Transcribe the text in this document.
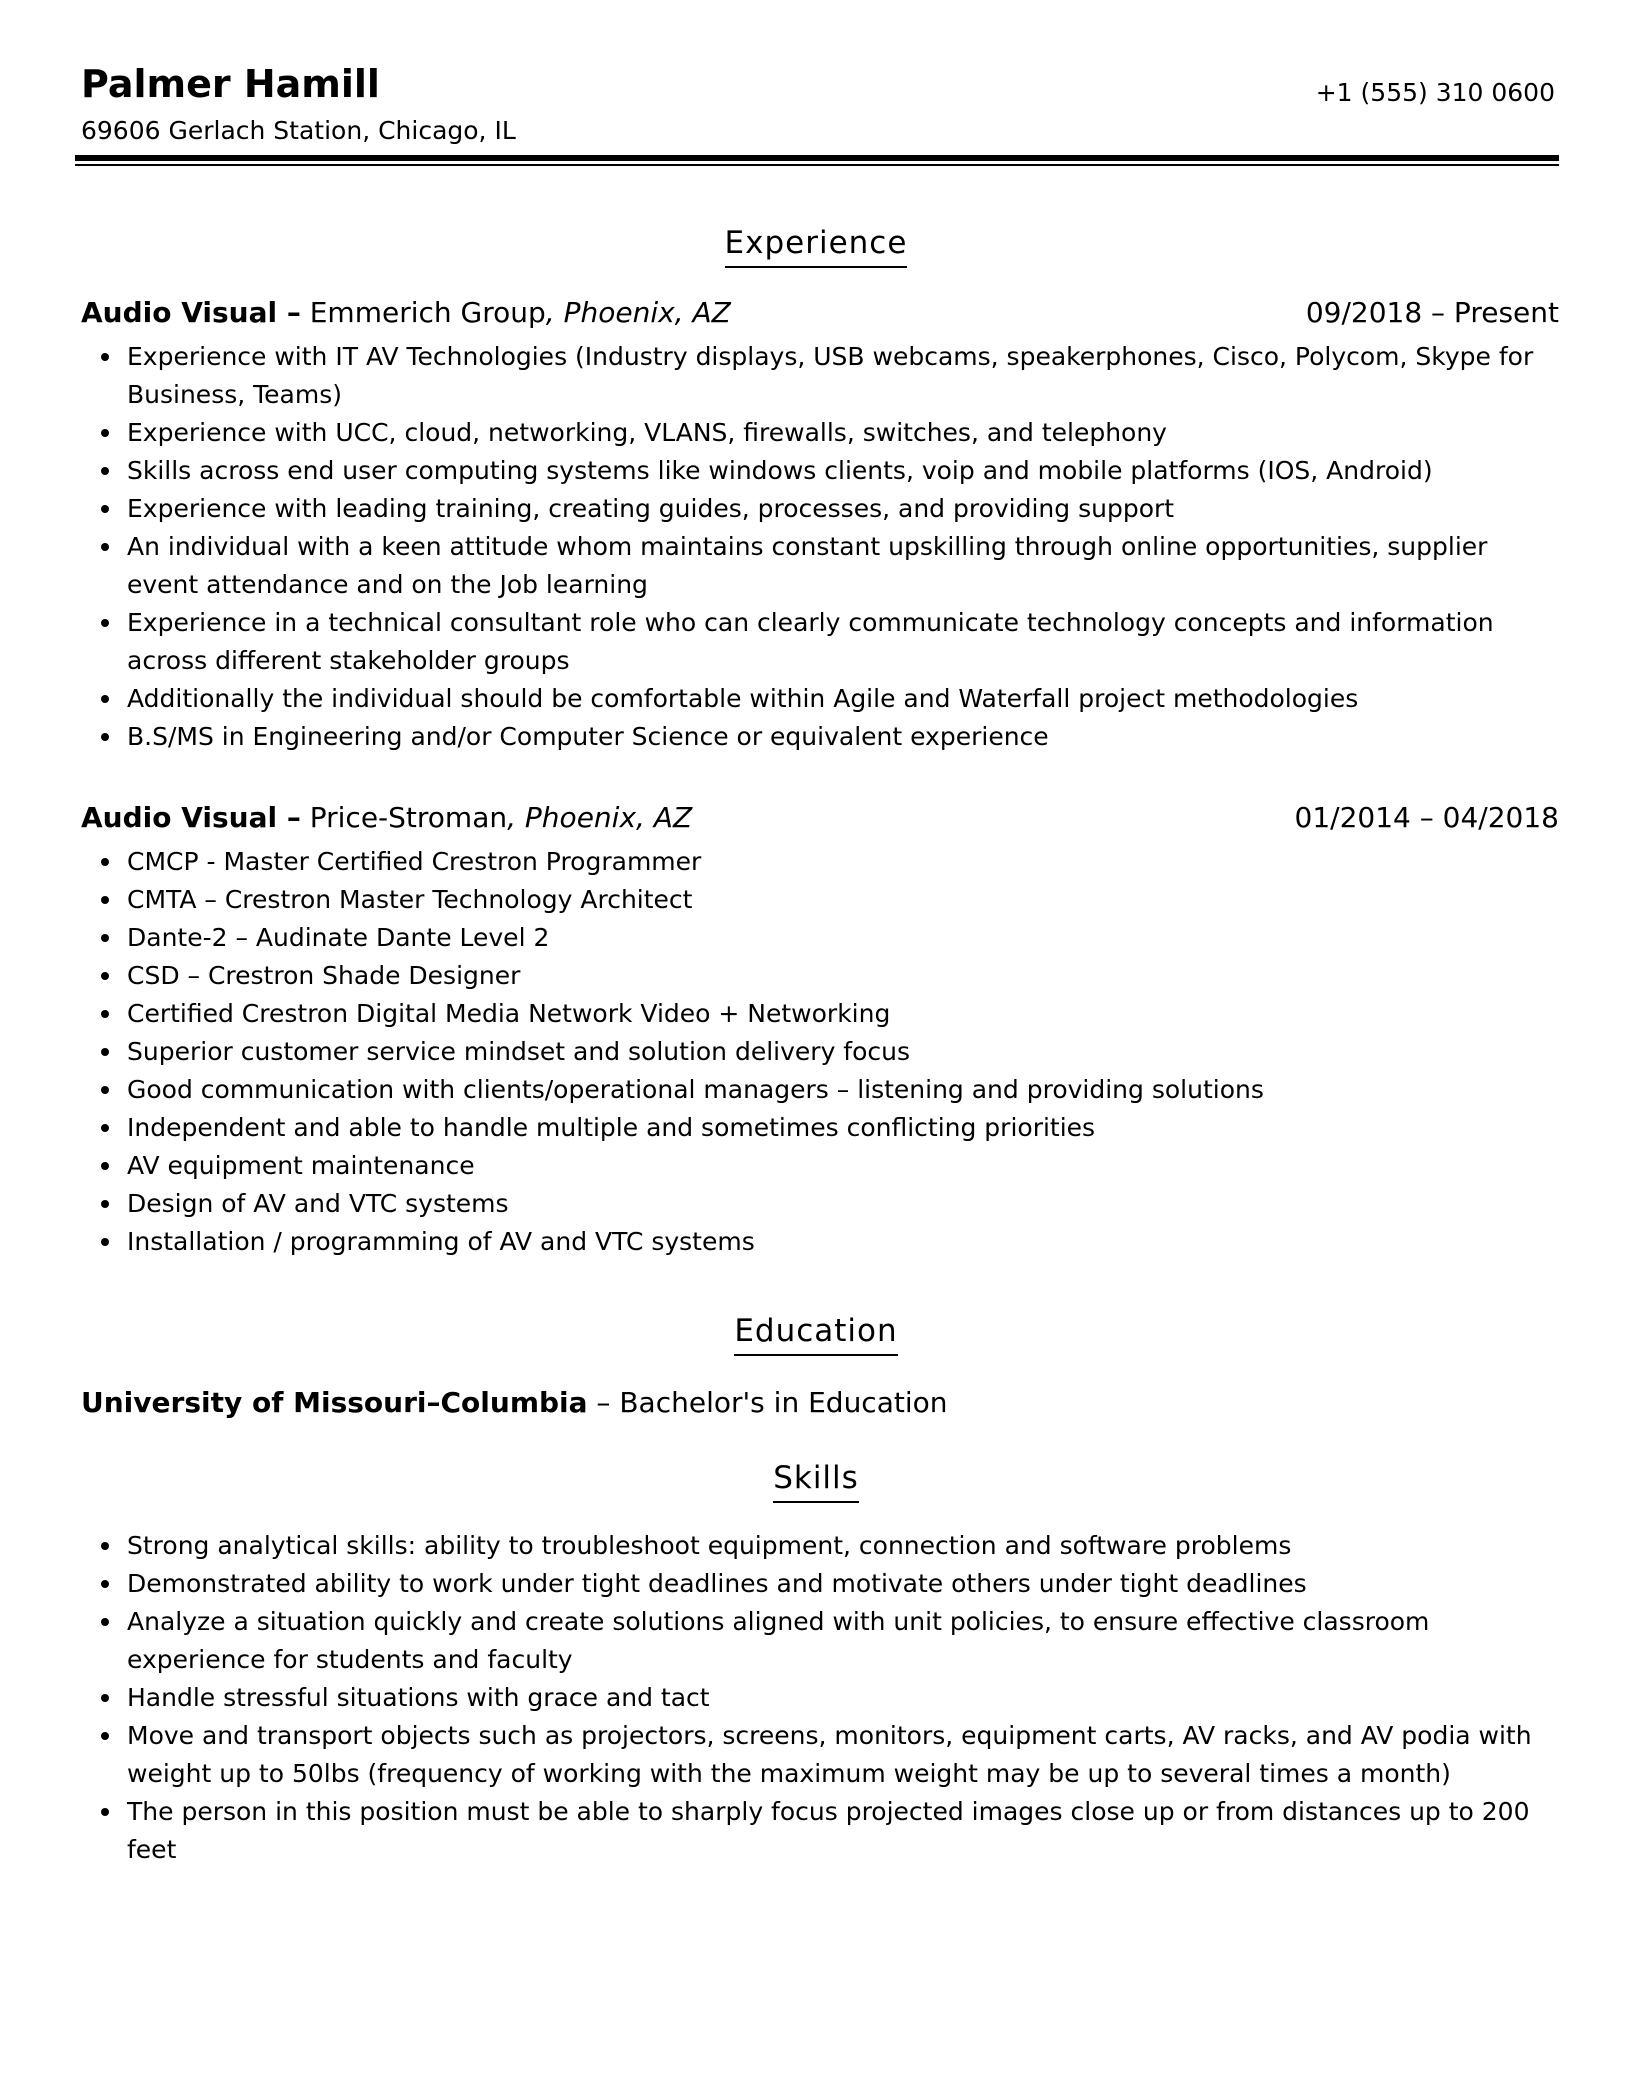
Palmer Hamill
69606 Gerlach Station, Chicago, IL
+1 (555) 310 0600
Experience
Audio Visual – Emmerich Group, Phoenix, AZ	09/2018 – Present
Experience with IT AV Technologies (Industry displays, USB webcams, speakerphones, Cisco, Polycom, Skype for Business, Teams)
Experience with UCC, cloud, networking, VLANS, firewalls, switches, and telephony
Skills across end user computing systems like windows clients, voip and mobile platforms (IOS, Android)
Experience with leading training, creating guides, processes, and providing support
An individual with a keen attitude whom maintains constant upskilling through online opportunities, supplier event attendance and on the Job learning
Experience in a technical consultant role who can clearly communicate technology concepts and information across different stakeholder groups
Additionally the individual should be comfortable within Agile and Waterfall project methodologies
B.S/MS in Engineering and/or Computer Science or equivalent experience
Audio Visual – Price-Stroman, Phoenix, AZ	01/2014 – 04/2018
CMCP - Master Certified Crestron Programmer
CMTA – Crestron Master Technology Architect
Dante-2 – Audinate Dante Level 2
CSD – Crestron Shade Designer
Certified Crestron Digital Media Network Video + Networking
Superior customer service mindset and solution delivery focus
Good communication with clients/operational managers – listening and providing solutions
Independent and able to handle multiple and sometimes conflicting priorities
AV equipment maintenance
Design of AV and VTC systems
Installation / programming of AV and VTC systems
Education
University of Missouri–Columbia – Bachelor's in Education
Skills
Strong analytical skills: ability to troubleshoot equipment, connection and software problems
Demonstrated ability to work under tight deadlines and motivate others under tight deadlines
Analyze a situation quickly and create solutions aligned with unit policies, to ensure effective classroom experience for students and faculty
Handle stressful situations with grace and tact
Move and transport objects such as projectors, screens, monitors, equipment carts, AV racks, and AV podia with weight up to 50lbs (frequency of working with the maximum weight may be up to several times a month)
The person in this position must be able to sharply focus projected images close up or from distances up to 200 feet
